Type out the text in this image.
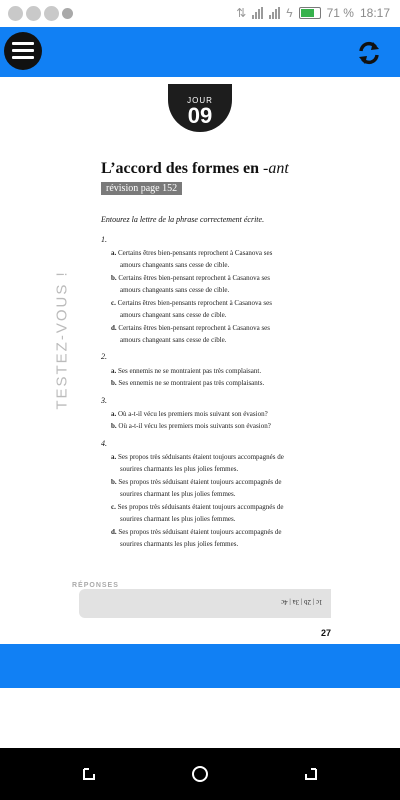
⇅	ϟ	71 % 18:17
JOUR
09
L’accord des formes en -ant
révision page 152
TESTEZ-VOUS !
Entourez la lettre de la phrase correctement écrite.
1.
a. Certains êtres bien-pensants reprochent à Casanova ses
amours changeants sans cesse de cible.
b. Certains êtres bien-pensant reprochent à Casanova ses
amours changeants sans cesse de cible.
c. Certains êtres bien-pensants reprochent à Casanova ses
amours changeant sans cesse de cible.
d. Certains êtres bien-pensant reprochent à Casanova ses
amours changeant sans cesse de cible.
2.
a. Ses ennemis ne se montraient pas très complaisant.
b. Ses ennemis ne se montraient pas très complaisants.
3.
a. Où a-t-il vécu les premiers mois suivant son évasion?
b. Où a-t-il vécu les premiers mois suivants son évasion?
4.
a. Ses propos très séduisants étaient toujours accompagnés de
sourires charmants les plus jolies femmes.
b. Ses propos très séduisant étaient toujours accompagnés de
sourires charmant les plus jolies femmes.
c. Ses propos très séduisants étaient toujours accompagnés de
sourires charmant les plus jolies femmes.
d. Ses propos très séduisant étaient toujours accompagnés de
sourires charmants les plus jolies femmes.
RÉPONSES
1c | 2b | 3a | 4c
27
